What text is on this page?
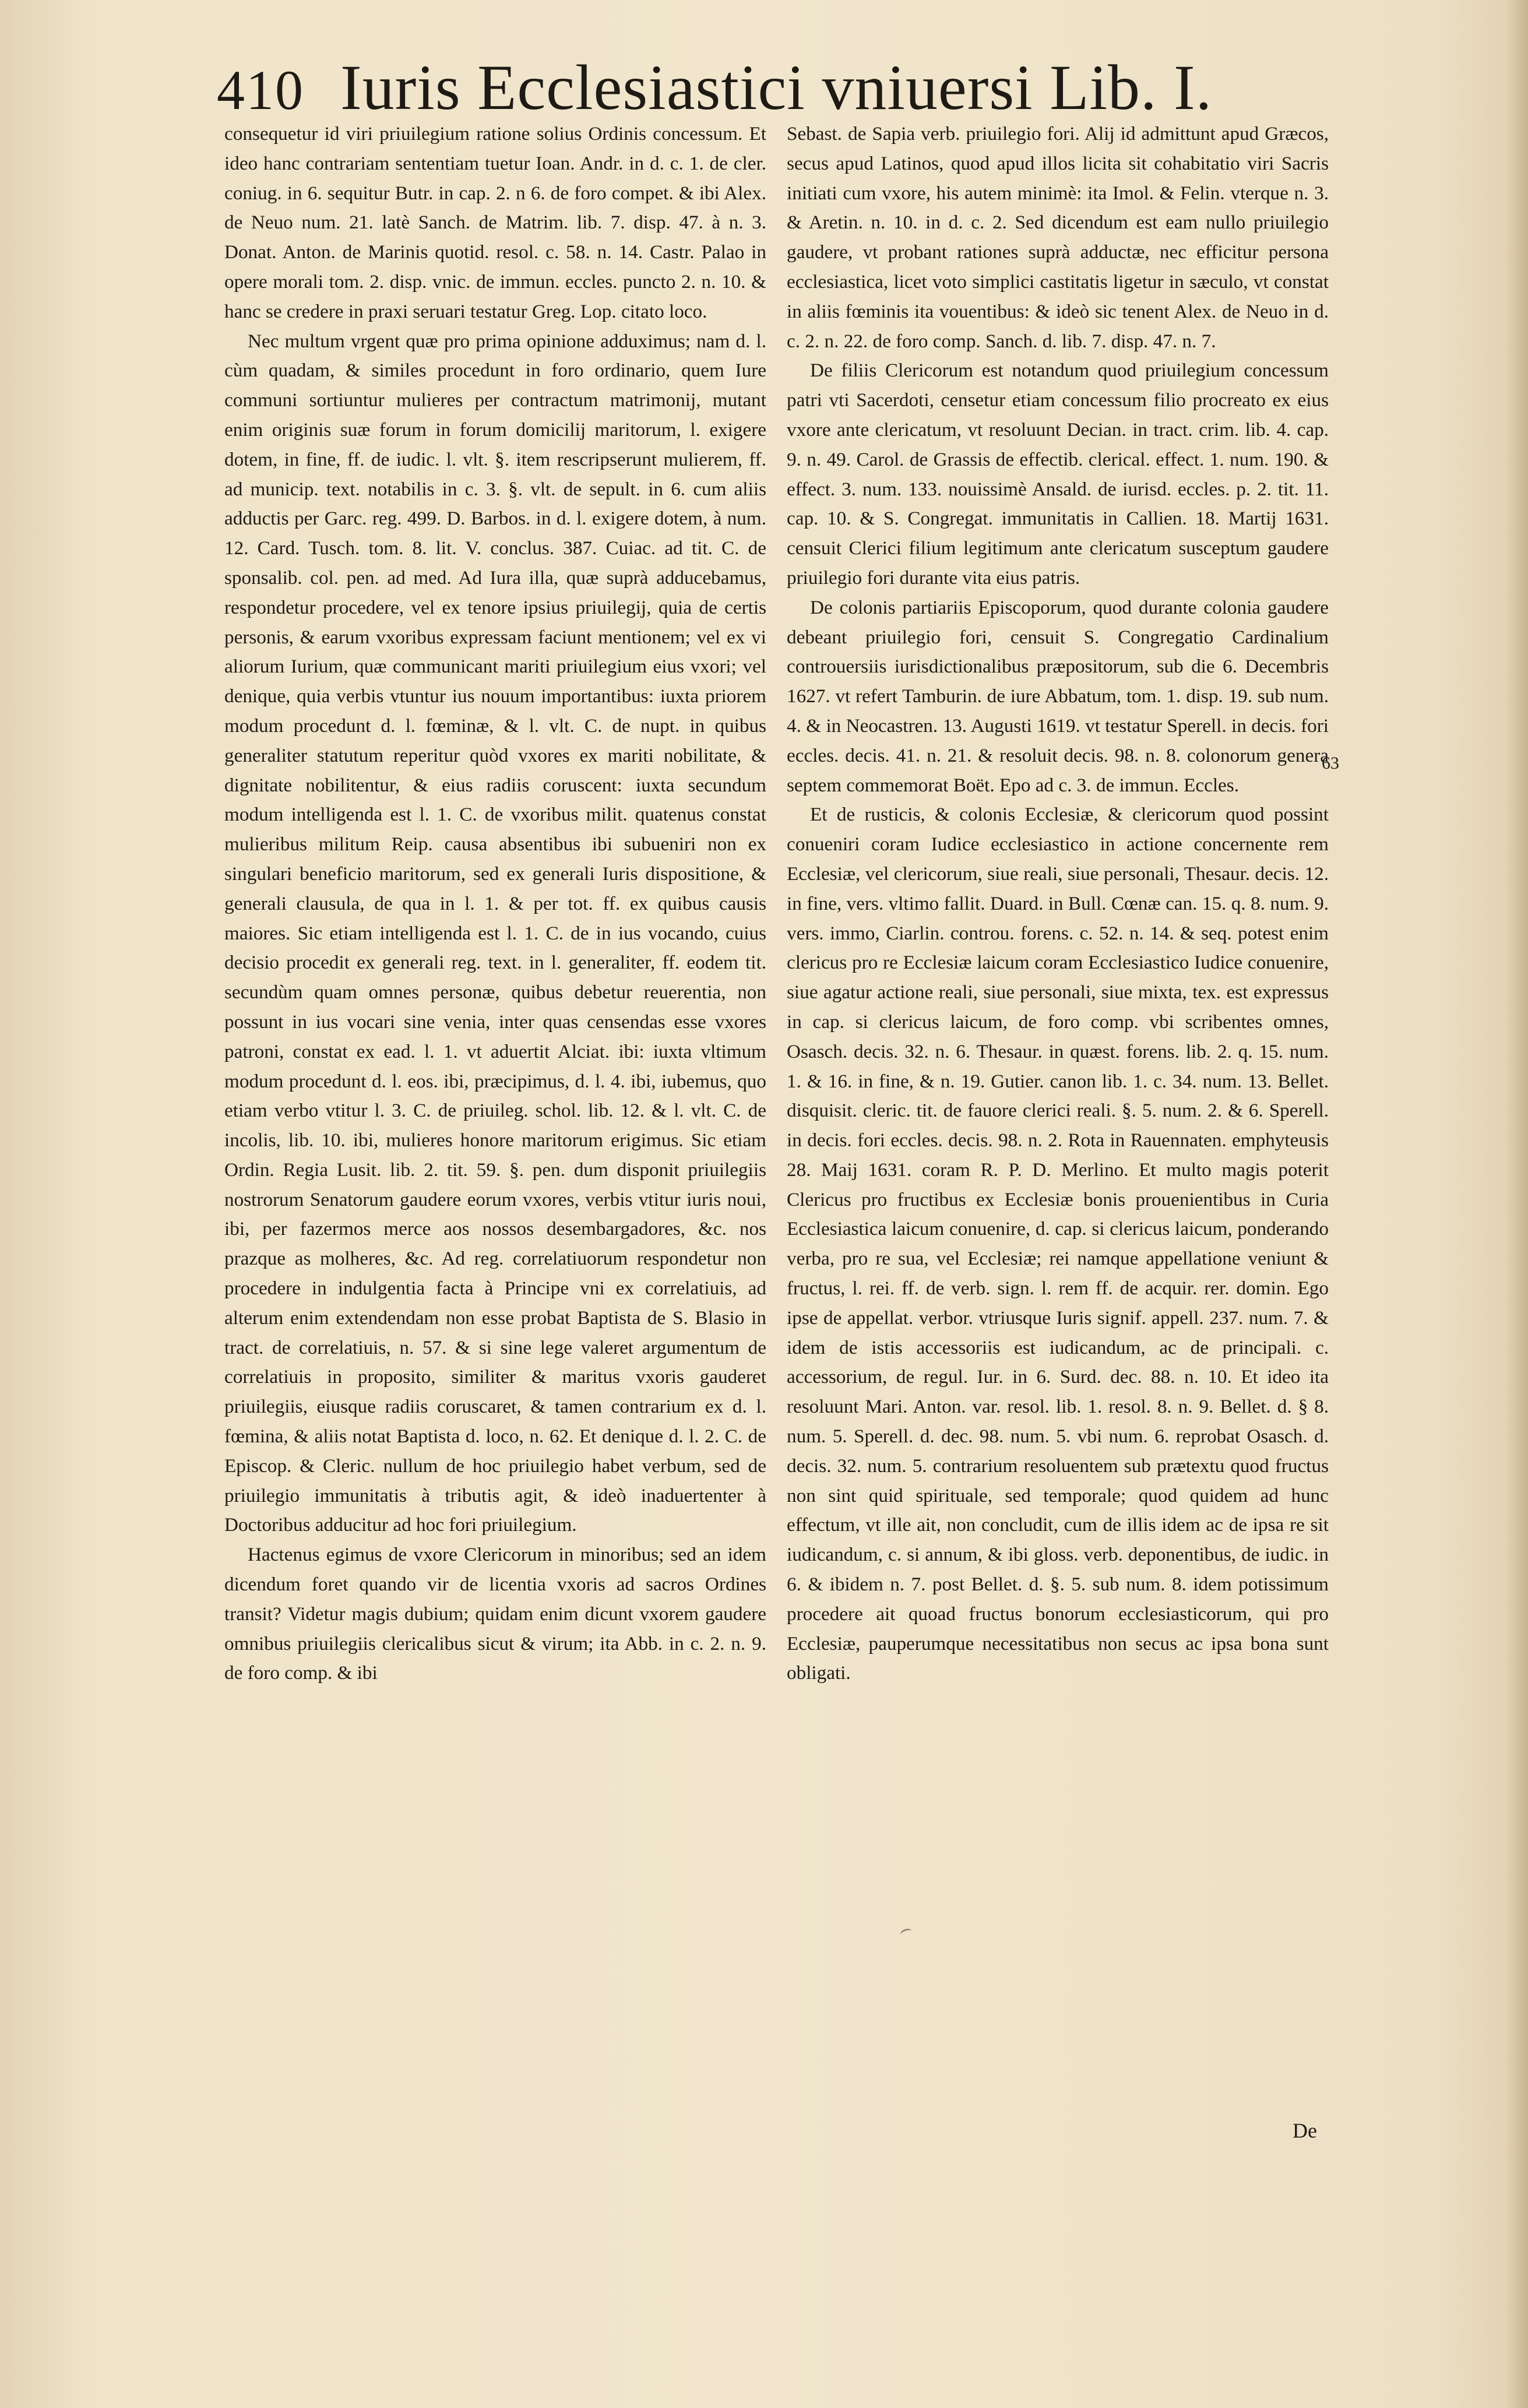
410 Iuris Ecclesiastici vniuersi Lib. I.

consequetur id viri priuilegium ratione solius Ordinis concessum. Et ideo hanc contrariam sententiam tuetur Ioan. Andr. in d. c. 1. de cler. coniug. in 6. sequitur Butr. in cap. 2. n 6. de foro compet. & ibi Alex. de Neuo num. 21. latè Sanch. de Matrim. lib. 7. disp. 47. à n. 3. Donat. Anton. de Marinis quotid. resol. c. 58. n. 14. Castr. Palao in opere morali tom. 2. disp. vnic. de immun. eccles. puncto 2. n. 10. & hanc se credere in praxi seruari testatur Greg. Lop. citato loco.

Nec multum vrgent quæ pro prima opinione adduximus; nam d. l. cùm quadam, & similes procedunt in foro ordinario, quem Iure communi sortiuntur mulieres per contractum matrimonij, mutant enim originis suæ forum in forum domicilij maritorum, l. exigere dotem, in fine, ff. de iudic. l. vlt. §. item rescripserunt mulierem, ff. ad municip. text. notabilis in c. 3. §. vlt. de sepult. in 6. cum aliis adductis per Garc. reg. 499. D. Barbos. in d. l. exigere dotem, à num. 12. Card. Tusch. tom. 8. lit. V. conclus. 387. Cuiac. ad tit. C. de sponsalib. col. pen. ad med. Ad Iura illa, quæ suprà adducebamus, respondetur procedere, vel ex tenore ipsius priuilegij, quia de certis personis, & earum vxoribus expressam faciunt mentionem; vel ex vi aliorum Iurium, quæ communicant mariti priuilegium eius vxori; vel denique, quia verbis vtuntur ius nouum importantibus: iuxta priorem modum procedunt d. l. fœminæ, & l. vlt. C. de nupt. in quibus generaliter statutum reperitur quòd vxores ex mariti nobilitate, & dignitate nobilitentur, & eius radiis coruscent: iuxta secundum modum intelligenda est l. 1. C. de vxoribus milit. quatenus constat mulieribus militum Reip. causa absentibus ibi subueniri non ex singulari beneficio maritorum, sed ex generali Iuris dispositione, & generali clausula, de qua in l. 1. & per tot. ff. ex quibus causis maiores. Sic etiam intelligenda est l. 1. C. de in ius vocando, cuius decisio procedit ex generali reg. text. in l. generaliter, ff. eodem tit. secundùm quam omnes personæ, quibus debetur reuerentia, non possunt in ius vocari sine venia, inter quas censendas esse vxores patroni, constat ex ead. l. 1. vt aduertit Alciat. ibi: iuxta vltimum modum procedunt d. l. eos. ibi, præcipimus, d. l. 4. ibi, iubemus, quo etiam verbo vtitur l. 3. C. de priuileg. schol. lib. 12. & l. vlt. C. de incolis, lib. 10. ibi, mulieres honore maritorum erigimus. Sic etiam Ordin. Regia Lusit. lib. 2. tit. 59. §. pen. dum disponit priuilegiis nostrorum Senatorum gaudere eorum vxores, verbis vtitur iuris noui, ibi, per fazermos merce aos nossos desembargadores, &c. nos prazque as molheres, &c. Ad reg. correlatiuorum respondetur non procedere in indulgentia facta à Principe vni ex correlatiuis, ad alterum enim extendendam non esse probat Baptista de S. Blasio in tract. de correlatiuis, n. 57. & si sine lege valeret argumentum de correlatiuis in proposito, similiter & maritus vxoris gauderet priuilegiis, eiusque radiis coruscaret, & tamen contrarium ex d. l. fœmina, & aliis notat Baptista d. loco, n. 62. Et denique d. l. 2. C. de Episcop. & Cleric. nullum de hoc priuilegio habet verbum, sed de priuilegio immunitatis à tributis agit, & ideò inaduertenter à Doctoribus adducitur ad hoc fori priuilegium.

Hactenus egimus de vxore Clericorum in minoribus; sed an idem dicendum foret quando vir de licentia vxoris ad sacros Ordines transit? Videtur magis dubium; quidam enim dicunt vxorem gaudere omnibus priuilegiis clericalibus sicut & virum; ita Abb. in c. 2. n. 9. de foro comp. & ibi

Sebast. de Sapia verb. priuilegio fori. Alij id admittunt apud Græcos, secus apud Latinos, quod apud illos licita sit cohabitatio viri Sacris initiati cum vxore, his autem minimè: ita Imol. & Felin. vterque n. 3. & Aretin. n. 10. in d. c. 2. Sed dicendum est eam nullo priuilegio gaudere, vt probant rationes suprà adductæ, nec efficitur persona ecclesiastica, licet voto simplici castitatis ligetur in sæculo, vt constat in aliis fœminis ita vouentibus: & ideò sic tenent Alex. de Neuo in d. c. 2. n. 22. de foro comp. Sanch. d. lib. 7. disp. 47. n. 7.

De filiis Clericorum est notandum quod priuilegium concessum patri vti Sacerdoti, censetur etiam concessum filio procreato ex eius vxore ante clericatum, vt resoluunt Decian. in tract. crim. lib. 4. cap. 9. n. 49. Carol. de Grassis de effectib. clerical. effect. 1. num. 190. & effect. 3. num. 133. nouissimè Ansald. de iurisd. eccles. p. 2. tit. 11. cap. 10. & S. Congregat. immunitatis in Callien. 18. Martij 1631. censuit Clerici filium legitimum ante clericatum susceptum gaudere priuilegio fori durante vita eius patris.

De colonis partiariis Episcoporum, quod durante colonia gaudere debeant priuilegio fori, censuit S. Congregatio Cardinalium controuersiis iurisdictionalibus præpositorum, sub die 6. Decembris 1627. vt refert Tamburin. de iure Abbatum, tom. 1. disp. 19. sub num. 4. & in Neocastren. 13. Augusti 1619. vt testatur Sperell. in decis. fori eccles. decis. 41. n. 21. & resoluit decis. 98. n. 8. colonorum genera septem commemorat Boët. Epo ad c. 3. de immun. Eccles.

Et de rusticis, & colonis Ecclesiæ, & clericorum quod possint conueniri coram Iudice ecclesiastico in actione concernente rem Ecclesiæ, vel clericorum, siue reali, siue personali, Thesaur. decis. 12. in fine, vers. vltimo fallit. Duard. in Bull. Cœnæ can. 15. q. 8. num. 9. vers. immo, Ciarlin. controu. forens. c. 52. n. 14. & seq. potest enim clericus pro re Ecclesiæ laicum coram Ecclesiastico Iudice conuenire, siue agatur actione reali, siue personali, siue mixta, tex. est expressus in cap. si clericus laicum, de foro comp. vbi scribentes omnes, Osasch. decis. 32. n. 6. Thesaur. in quæst. forens. lib. 2. q. 15. num. 1. & 16. in fine, & n. 19. Gutier. canon lib. 1. c. 34. num. 13. Bellet. disquisit. cleric. tit. de fauore clerici reali. §. 5. num. 2. & 6. Sperell. in decis. fori eccles. decis. 98. n. 2. Rota in Rauennaten. emphyteusis 28. Maij 1631. coram R. P. D. Merlino. Et multo magis poterit Clericus pro fructibus ex Ecclesiæ bonis prouenientibus in Curia Ecclesiastica laicum conuenire, d. cap. si clericus laicum, ponderando verba, pro re sua, vel Ecclesiæ; rei namque appellatione veniunt & fructus, l. rei. ff. de verb. sign. l. rem ff. de acquir. rer. domin. Ego ipse de appellat. verbor. vtriusque Iuris signif. appell. 237. num. 7. & idem de istis accessoriis est iudicandum, ac de principali. c. accessorium, de regul. Iur. in 6. Surd. dec. 88. n. 10. Et ideo ita resoluunt Mari. Anton. var. resol. lib. 1. resol. 8. n. 9. Bellet. d. § 8. num. 5. Sperell. d. dec. 98. num. 5. vbi num. 6. reprobat Osasch. d. decis. 32. num. 5. contrarium resoluentem sub prætextu quod fructus non sint quid spirituale, sed temporale; quod quidem ad hunc effectum, vt ille ait, non concludit, cum de illis idem ac de ipsa re sit iudicandum, c. si annum, & ibi gloss. verb. deponentibus, de iudic. in 6. & ibidem n. 7. post Bellet. d. §. 5. sub num. 8. idem potissimum procedere ait quoad fructus bonorum ecclesiasticorum, qui pro Ecclesiæ, pauperumque necessitatibus non secus ac ipsa bona sunt obligati.

63
De
